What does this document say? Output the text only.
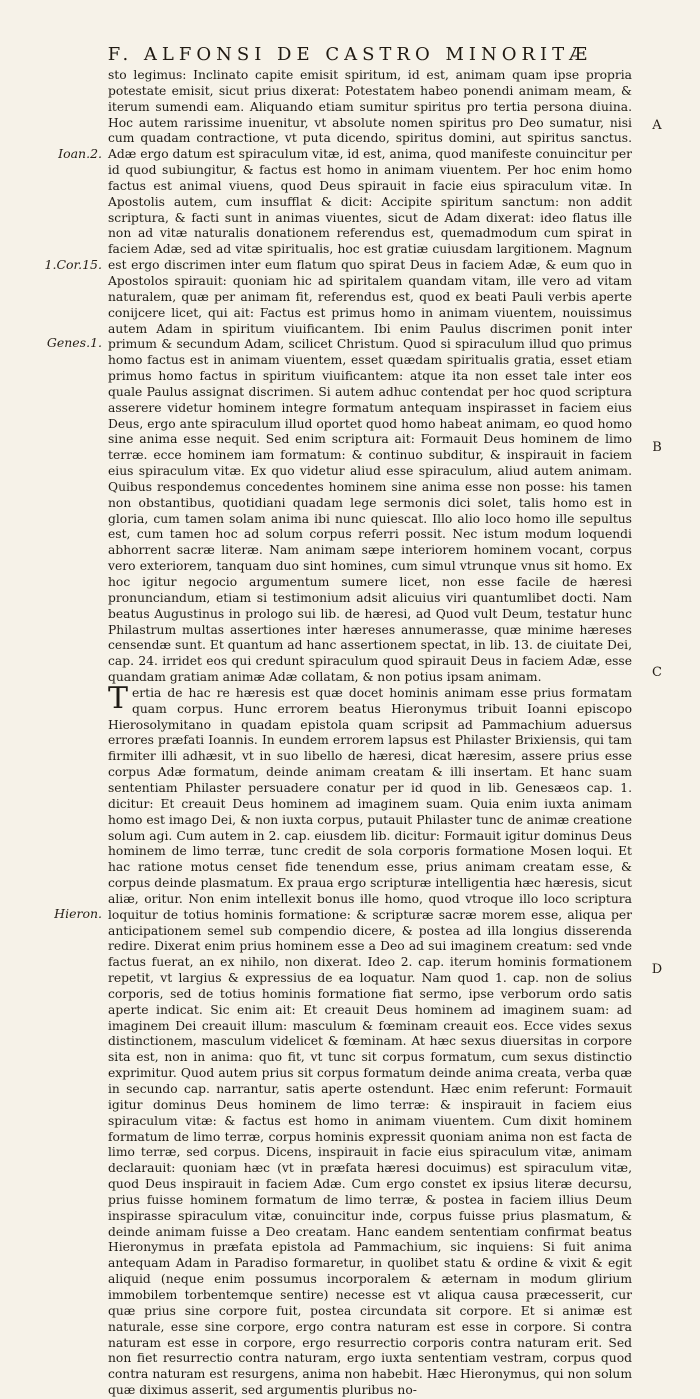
F. ALFONSI DE CASTRO MINORITÆ
Ioan.2.
1.Cor.15.
Genes.1.
Hieron.
A
B
C
D

sto legimus: Inclinato capite emisit spiritum, id est, animam quam ipse propria potestate emisit, sicut prius dixerat: Potestatem habeo ponendi animam meam, & iterum sumendi eam. Aliquando etiam sumitur spiritus pro tertia persona diuina. Hoc autem rarissime inuenitur, vt absolute nomen spiritus pro Deo sumatur, nisi cum quadam contractione, vt puta dicendo, spiritus domini, aut spiritus sanctus. Adæ ergo datum est spiraculum vitæ, id est, anima, quod manifeste conuincitur per id quod subiungitur, & factus est homo in animam viuentem. Per hoc enim homo factus est animal viuens, quod Deus spirauit in facie eius spiraculum vitæ. In Apostolis autem, cum insufflat & dicit: Accipite spiritum sanctum: non addit scriptura, & facti sunt in animas viuentes, sicut de Adam dixerat: ideo flatus ille non ad vitæ naturalis donationem referendus est, quemadmodum cum spirat in faciem Adæ, sed ad vitæ spiritualis, hoc est gratiæ cuiusdam largitionem. Magnum est ergo discrimen inter eum flatum quo spirat Deus in faciem Adæ, & eum quo in Apostolos spirauit: quoniam hic ad spiritalem quandam vitam, ille vero ad vitam naturalem, quæ per animam fit, referendus est, quod ex beati Pauli verbis aperte conijcere licet, qui ait: Factus est primus homo in animam viuentem, nouissimus autem Adam in spiritum viuificantem. Ibi enim Paulus discrimen ponit inter primum & secundum Adam, scilicet Christum. Quod si spiraculum illud quo primus homo factus est in animam viuentem, esset quædam spiritualis gratia, esset etiam primus homo factus in spiritum viuificantem: atque ita non esset tale inter eos quale Paulus assignat discrimen. Si autem adhuc contendat per hoc quod scriptura asserere videtur hominem integre formatum antequam inspirasset in faciem eius Deus, ergo ante spiraculum illud oportet quod homo habeat animam, eo quod homo sine anima esse nequit. Sed enim scriptura ait: Formauit Deus hominem de limo terræ. ecce hominem iam formatum: & continuo subditur, & inspirauit in faciem eius spiraculum vitæ. Ex quo videtur aliud esse spiraculum, aliud autem animam. Quibus respondemus concedentes hominem sine anima esse non posse: his tamen non obstantibus, quotidiani quadam lege sermonis dici solet, talis homo est in gloria, cum tamen solam anima ibi nunc quiescat. Illo alio loco homo ille sepultus est, cum tamen hoc ad solum corpus referri possit. Nec istum modum loquendi abhorrent sacræ literæ. Nam animam sæpe interiorem hominem vocant, corpus vero exteriorem, tanquam duo sint homines, cum simul vtrunque vnus sit homo. Ex hoc igitur negocio argumentum sumere licet, non esse facile de hæresi pronunciandum, etiam si testimonium adsit alicuius viri quantumlibet docti. Nam beatus Augustinus in prologo sui lib. de hæresi, ad Quod vult Deum, testatur hunc Philastrum multas assertiones inter hæreses annumerasse, quæ minime hæreses censendæ sunt. Et quantum ad hanc assertionem spectat, in lib. 13. de ciuitate Dei, cap. 24. irridet eos qui credunt spiraculum quod spirauit Deus in faciem Adæ, esse quandam gratiam animæ Adæ collatam, & non potius ipsam animam.

Tertia de hac re hæresis est quæ docet hominis animam esse prius formatam quam corpus. Hunc errorem beatus Hieronymus tribuit Ioanni episcopo Hierosolymitano in quadam epistola quam scripsit ad Pammachium aduersus errores præfati Ioannis. In eundem errorem lapsus est Philaster Brixiensis, qui tam firmiter illi adhæsit, vt in suo libello de hæresi, dicat hæresim, assere prius esse corpus Adæ formatum, deinde animam creatam & illi insertam. Et hanc suam sententiam Philaster persuadere conatur per id quod in lib. Genesæos cap. 1. dicitur: Et creauit Deus hominem ad imaginem suam. Quia enim iuxta animam homo est imago Dei, & non iuxta corpus, putauit Philaster tunc de animæ creatione solum agi. Cum autem in 2. cap. eiusdem lib. dicitur: Formauit igitur dominus Deus hominem de limo terræ, tunc credit de sola corporis formatione Mosen loqui. Et hac ratione motus censet fide tenendum esse, prius animam creatam esse, & corpus deinde plasmatum. Ex praua ergo scripturæ intelligentia hæc hæresis, sicut aliæ, oritur. Non enim intellexit bonus ille homo, quod vtroque illo loco scriptura loquitur de totius hominis formatione: & scripturæ sacræ morem esse, aliqua per anticipationem semel sub compendio dicere, & postea ad illa longius disserenda redire. Dixerat enim prius hominem esse a Deo ad sui imaginem creatum: sed vnde factus fuerat, an ex nihilo, non dixerat. Ideo 2. cap. iterum hominis formationem repetit, vt largius & expressius de ea loquatur. Nam quod 1. cap. non de solius corporis, sed de totius hominis formatione fiat sermo, ipse verborum ordo satis aperte indicat. Sic enim ait: Et creauit Deus hominem ad imaginem suam: ad imaginem Dei creauit illum: masculum & fœminam creauit eos. Ecce vides sexus distinctionem, masculum videlicet & fœminam. At hæc sexus diuersitas in corpore sita est, non in anima: quo fit, vt tunc sit corpus formatum, cum sexus distinctio exprimitur. Quod autem prius sit corpus formatum deinde anima creata, verba quæ in secundo cap. narrantur, satis aperte ostendunt. Hæc enim referunt: Formauit igitur dominus Deus hominem de limo terræ: & inspirauit in faciem eius spiraculum vitæ: & factus est homo in animam viuentem. Cum dixit hominem formatum de limo terræ, corpus hominis expressit quoniam anima non est facta de limo terræ, sed corpus. Dicens, inspirauit in facie eius spiraculum vitæ, animam declarauit: quoniam hæc (vt in præfata hæresi docuimus) est spiraculum vitæ, quod Deus inspirauit in faciem Adæ. Cum ergo constet ex ipsius literæ decursu, prius fuisse hominem formatum de limo terræ, & postea in faciem illius Deum inspirasse spiraculum vitæ, conuincitur inde, corpus fuisse prius plasmatum, & deinde animam fuisse a Deo creatam. Hanc eandem sententiam confirmat beatus Hieronymus in præfata epistola ad Pammachium, sic inquiens: Si fuit anima antequam Adam in Paradiso formaretur, in quolibet statu & ordine & vixit & egit aliquid (neque enim possumus incorporalem & æternam in modum glirium immobilem torbentemque sentire) necesse est vt aliqua causa præcesserit, cur quæ prius sine corpore fuit, postea circundata sit corpore. Et si animæ est naturale, esse sine corpore, ergo contra naturam est esse in corpore. Si contra naturam est esse in corpore, ergo resurrectio corporis contra naturam erit. Sed non fiet resurrectio contra naturam, ergo iuxta sententiam vestram, corpus quod contra naturam est resurgens, anima non habebit. Hæc Hieronymus, qui non solum quæ diximus asserit, sed argumentis pluribus no-
